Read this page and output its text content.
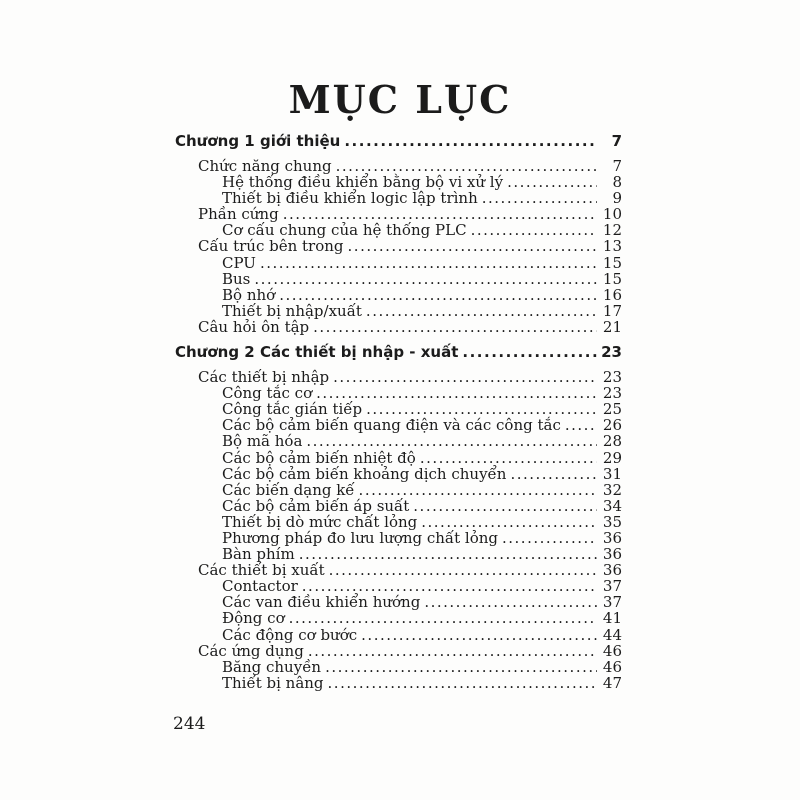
MỤC LỤC
Chương 1 giới thiệu .....	7
Chức năng chung .....	7
Hệ thống điều khiển bằng bộ vi xử lý .....	8
Thiết bị điều khiển logic lập trình .....	9
Phần cứng .....	10
Cơ cấu chung của hệ thống PLC .....	12
Cấu trúc bên trong .....	13
CPU .....	15
Bus .....	15
Bộ nhớ .....	16
Thiết bị nhập/xuất .....	17
Câu hỏi ôn tập .....	21
Chương 2 Các thiết bị nhập - xuất .....	23
Các thiết bị nhập .....	23
Công tắc cơ .....	23
Công tắc gián tiếp .....	25
Các bộ cảm biến quang điện và các công tắc .....	26
Bộ mã hóa .....	28
Các bộ cảm biến nhiệt độ .....	29
Các bộ cảm biến khoảng dịch chuyển .....	31
Các biến dạng kế .....	32
Các bộ cảm biến áp suất .....	34
Thiết bị dò mức chất lỏng .....	35
Phương pháp đo lưu lượng chất lỏng .....	36
Bàn phím .....	36
Các thiết bị xuất .....	36
Contactor .....	37
Các van điều khiển hướng .....	37
Động cơ .....	41
Các động cơ bước .....	44
Các ứng dụng .....	46
Băng chuyền .....	46
Thiết bị nâng .....	47
244
